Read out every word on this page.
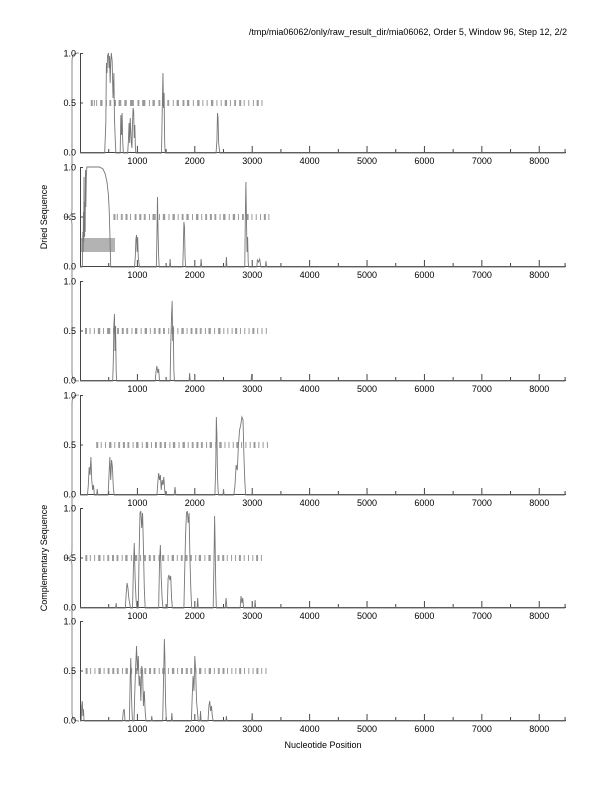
/tmp/mia06062/only/raw_result_dir/mia06062, Order 5, Window 96, Step 12, 2/2
Dried Sequence
Complementary Sequence
1.0
0.5
0.0
1000	2000	3000	4000	5000	6000	7000	8000
1.0
0.5
0.0
1000	2000	3000	4000	5000	6000	7000	8000
1.0
0.5
0.0
1000	2000	3000	4000	5000	6000	7000	8000
1.0
0.5
0.0
1000	2000	3000	4000	5000	6000	7000	8000
1.0
0.5
0.0
1000	2000	3000	4000	5000	6000	7000	8000
1.0
0.5
0.0
1000	2000	3000	4000	5000	6000	7000	8000
Nucleotide Position
